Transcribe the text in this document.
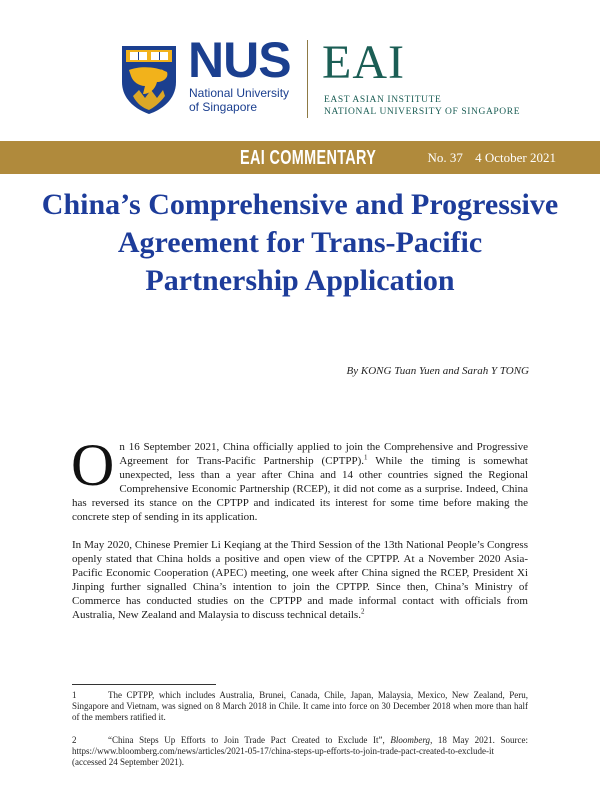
NUS
National University
of Singapore
EAI
EAST ASIAN INSTITUTE
NATIONAL UNIVERSITY OF SINGAPORE
EAI COMMENTARY	No. 37 4 October 2021
China’s Comprehensive and Progressive Agreement for Trans-Pacific Partnership Application

By KONG Tuan Yuen and Sarah Y TONG

On 16 September 2021, China officially applied to join the Comprehensive and Progressive Agreement for Trans-Pacific Partnership (CPTPP).$^1$ While the timing is somewhat unexpected, less than a year after China and 14 other countries signed the Regional Comprehensive Economic Partnership (RCEP), it did not come as a surprise. Indeed, China has reversed its stance on the CPTPP and indicated its interest for some time before making the concrete step of sending in its application.

In May 2020, Chinese Premier Li Keqiang at the Third Session of the 13th National People’s Congress openly stated that China holds a positive and open view of the CPTPP. At a November 2020 Asia-Pacific Economic Cooperation (APEC) meeting, one week after China signed the RCEP, President Xi Jinping further signalled China’s intention to join the CPTPP. Since then, China’s Ministry of Commerce has conducted studies on the CPTPP and made informal contact with officials from Australia, New Zealand and Malaysia to discuss technical details.$^2$

1	The CPTPP, which includes Australia, Brunei, Canada, Chile, Japan, Malaysia, Mexico, New Zealand, Peru, Singapore and Vietnam, was signed on 8 March 2018 in Chile. It came into force on 30 December 2018 when more than half of the members ratified it.

2	“China Steps Up Efforts to Join Trade Pact Created to Exclude It”, Bloomberg, 18 May 2021. Source: https://www.bloomberg.com/news/articles/2021-05-17/china-steps-up-efforts-to-join-trade-pact-created-to-exclude-it (accessed 24 September 2021).
